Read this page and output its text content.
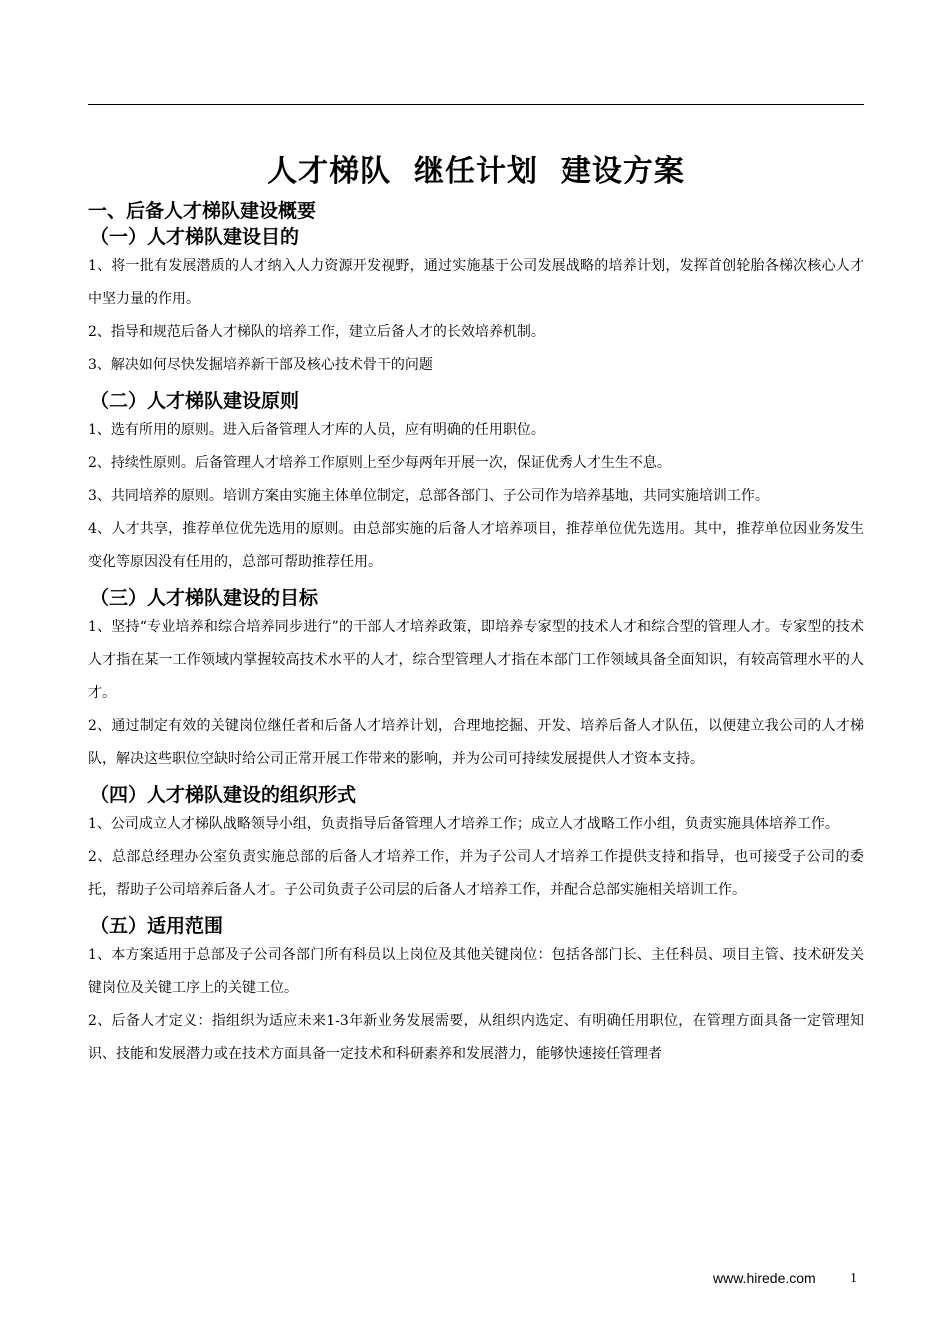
人才梯队  继任计划  建设方案
一、后备人才梯队建设概要
（一）人才梯队建设目的

1、将一批有发展潜质的人才纳入人力资源开发视野，通过实施基于公司发展战略的培养计划，发挥首创轮胎各梯次核心人才中坚力量的作用。

2、指导和规范后备人才梯队的培养工作，建立后备人才的长效培养机制。

3、解决如何尽快发掘培养新干部及核心技术骨干的问题

（二）人才梯队建设原则

1、选有所用的原则。进入后备管理人才库的人员，应有明确的任用职位。

2、持续性原则。后备管理人才培养工作原则上至少每两年开展一次，保证优秀人才生生不息。

3、共同培养的原则。培训方案由实施主体单位制定，总部各部门、子公司作为培养基地，共同实施培训工作。

4、人才共享，推荐单位优先选用的原则。由总部实施的后备人才培养项目，推荐单位优先选用。其中，推荐单位因业务发生变化等原因没有任用的，总部可帮助推荐任用。

（三）人才梯队建设的目标

1、坚持“专业培养和综合培养同步进行”的干部人才培养政策，即培养专家型的技术人才和综合型的管理人才。专家型的技术人才指在某一工作领域内掌握较高技术水平的人才，综合型管理人才指在本部门工作领域具备全面知识，有较高管理水平的人才。

2、通过制定有效的关键岗位继任者和后备人才培养计划，合理地挖掘、开发、培养后备人才队伍，以便建立我公司的人才梯队，解决这些职位空缺时给公司正常开展工作带来的影响，并为公司可持续发展提供人才资本支持。

（四）人才梯队建设的组织形式

1、公司成立人才梯队战略领导小组，负责指导后备管理人才培养工作；成立人才战略工作小组，负责实施具体培养工作。

2、总部总经理办公室负责实施总部的后备人才培养工作，并为子公司人才培养工作提供支持和指导，也可接受子公司的委托，帮助子公司培养后备人才。子公司负责子公司层的后备人才培养工作，并配合总部实施相关培训工作。

（五）适用范围

1、本方案适用于总部及子公司各部门所有科员以上岗位及其他关键岗位：包括各部门长、主任科员、项目主管、技术研发关键岗位及关键工序上的关键工位。

2、后备人才定义：指组织为适应未来1-3年新业务发展需要，从组织内选定、有明确任用职位，在管理方面具备一定管理知识、技能和发展潜力或在技术方面具备一定技术和科研素养和发展潜力，能够快速接任管理者

www.hirede.com 1
